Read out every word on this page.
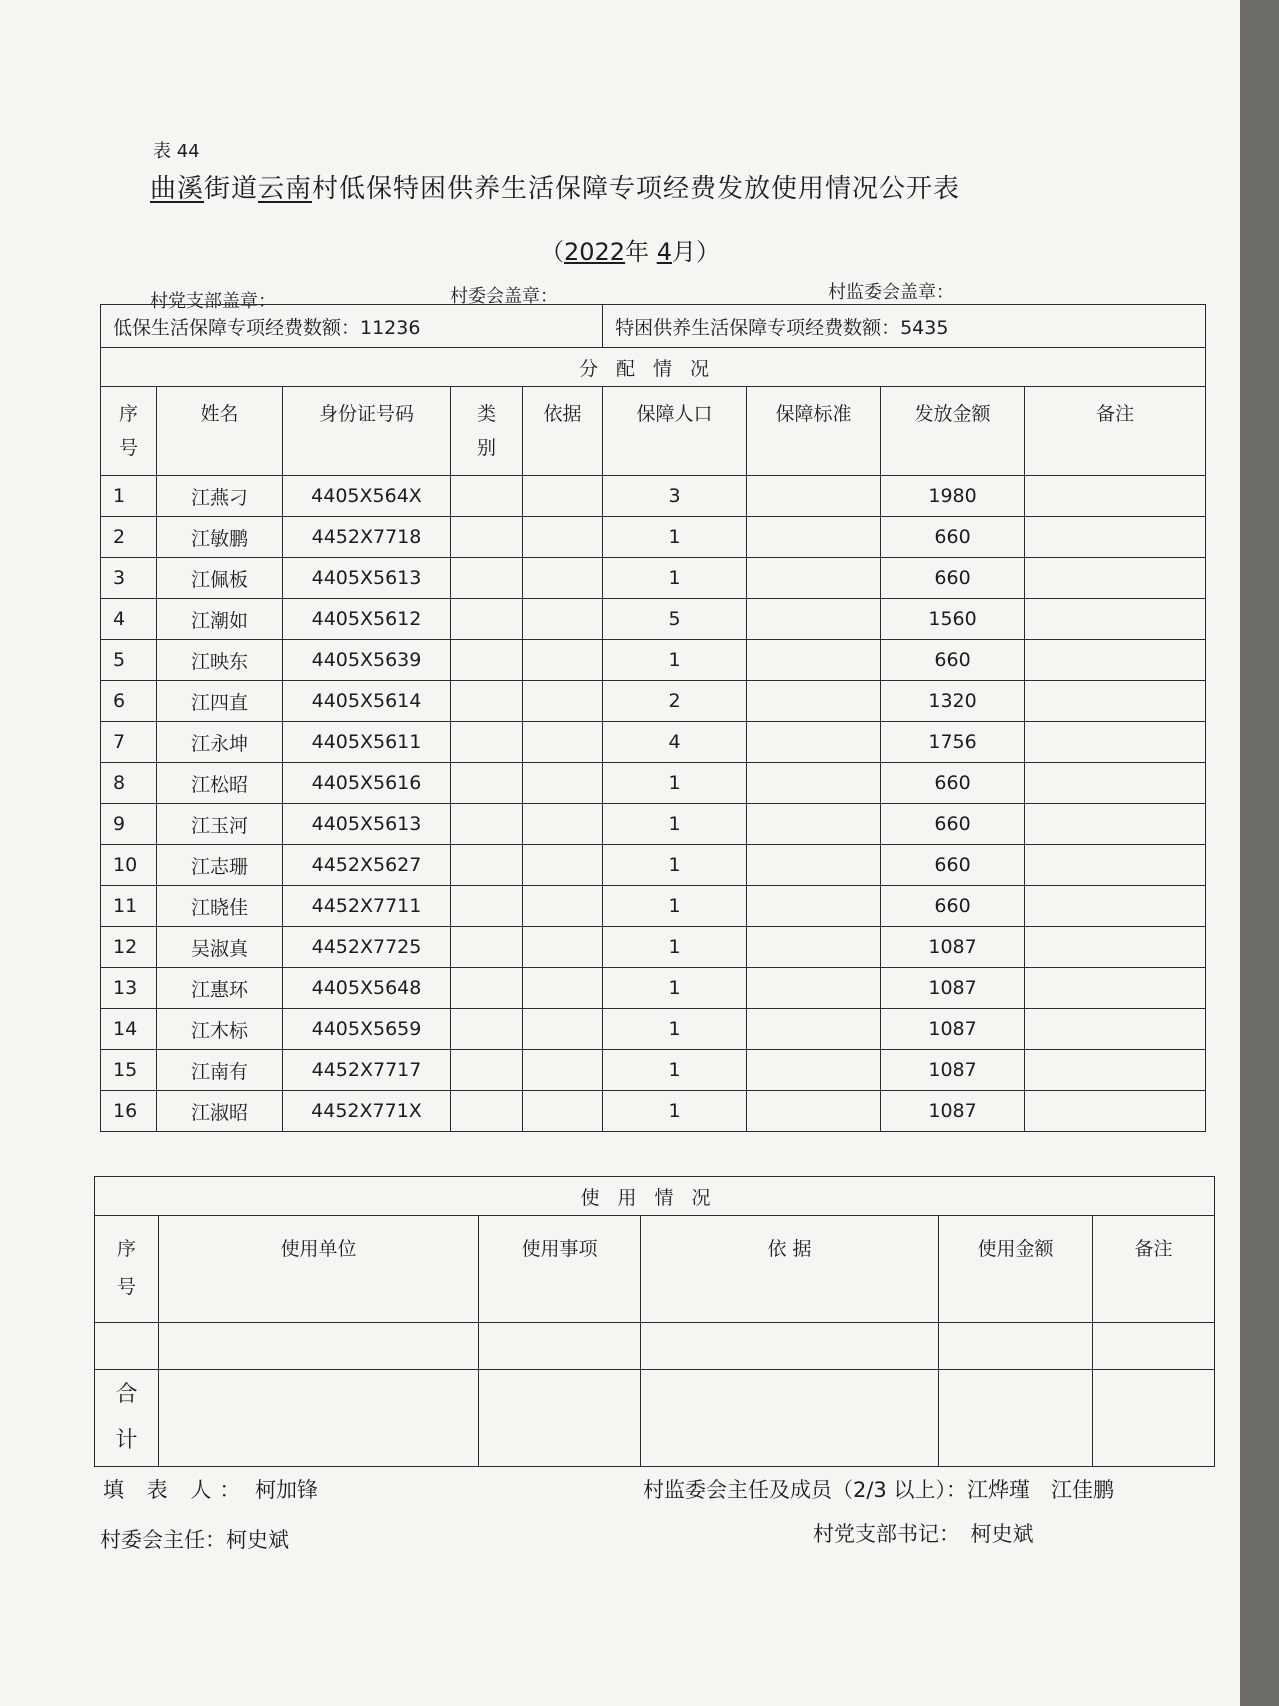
表 44
曲溪街道云南村低保特困供养生活保障专项经费发放使用情况公开表
（2022年 4月）
村党支部盖章：	村委会盖章：	村监委会盖章：
低保生活保障专项经费数额：11236					特困供养生活保障专项经费数额：5435			
分配情况								
序号	姓名	身份证号码	类别	依据	保障人口	保障标准	发放金额	备注
1	江燕刁	4405X564X			3		1980	
2	江敏鹏	4452X7718			1		660	
3	江佩板	4405X5613			1		660	
4	江潮如	4405X5612			5		1560	
5	江映东	4405X5639			1		660	
6	江四直	4405X5614			2		1320	
7	江永坤	4405X5611			4		1756	
8	江松昭	4405X5616			1		660	
9	江玉河	4405X5613			1		660	
10	江志珊	4452X5627			1		660	
11	江晓佳	4452X7711			1		660	
12	吴淑真	4452X7725			1		1087	
13	江惠环	4405X5648			1		1087	
14	江木标	4405X5659			1		1087	
15	江南有	4452X7717			1		1087	
16	江淑昭	4452X771X			1		1087	
使用情况					
序号	使用单位	使用事项	依 据	使用金额	备注

合计					
填 表 人： 柯加锋	村监委会主任及成员（2/3 以上）：江烨瑾　江佳鹏
村委会主任：柯史斌	村党支部书记：　 柯史斌
